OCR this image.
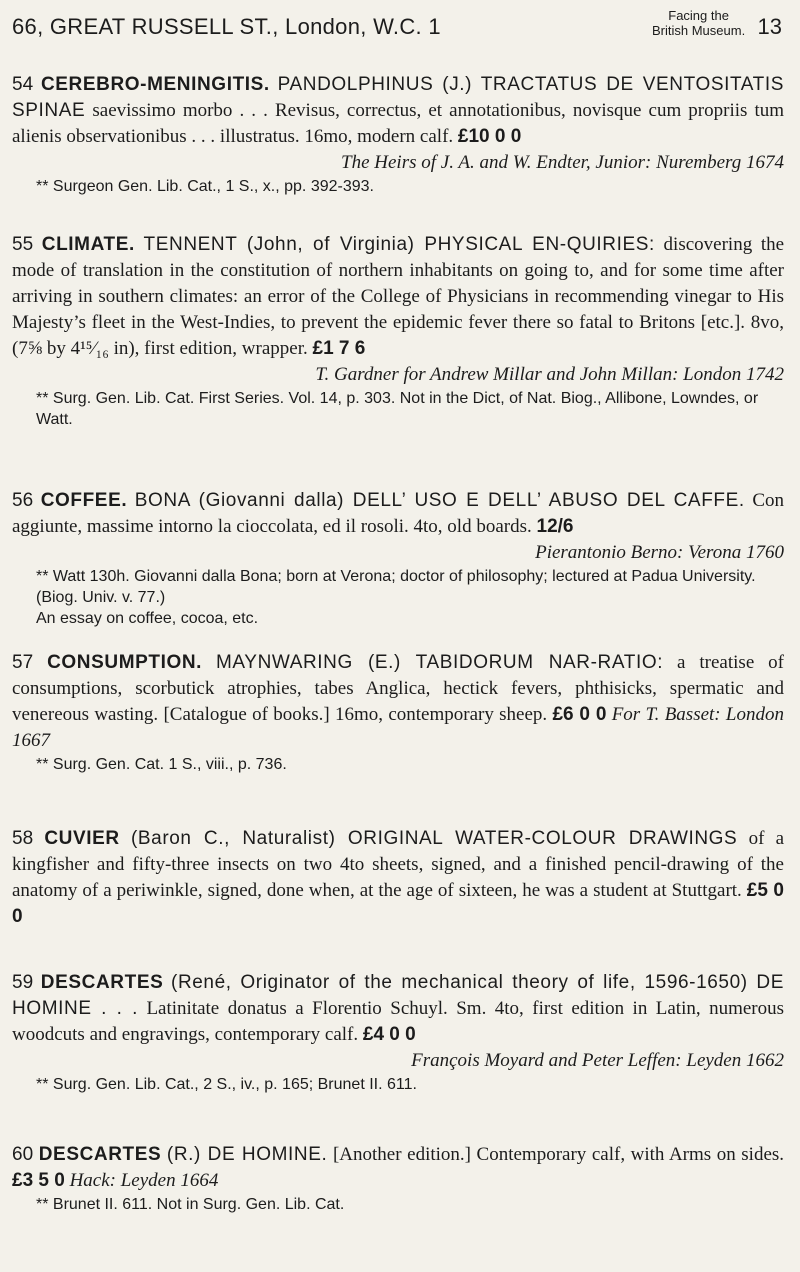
66, GREAT RUSSELL ST., London, W.C. 1	Facing the
British Museum. 13

54 CEREBRO-MENINGITIS. PANDOLPHINUS (J.) TRACTATUS DE VENTOSITATIS SPINAE saevissimo morbo . . . Revisus, correctus, et annotationibus, novisque cum propriis tum alienis observationibus . . . illustratus. 16mo, modern calf. £10 0 0

The Heirs of J. A. and W. Endter, Junior: Nuremberg 1674

*⁢* Surgeon Gen. Lib. Cat., 1 S., x., pp. 392-393.

55 CLIMATE. TENNENT (John, of Virginia) PHYSICAL EN-QUIRIES: discovering the mode of translation in the constitution of northern inhabitants on going to, and for some time after arriving in southern climates: an error of the College of Physicians in recommending vinegar to His Majesty’s fleet in the West-Indies, to prevent the epidemic fever there so fatal to Britons [etc.]. 8vo, (7⅝ by 4¹⁵⁄₁₆ in), first edition, wrapper. £1 7 6

T. Gardner for Andrew Millar and John Millan: London 1742

*⁢* Surg. Gen. Lib. Cat. First Series. Vol. 14, p. 303. Not in the Dict, of Nat. Biog., Allibone, Lowndes, or Watt.

56 COFFEE. BONA (Giovanni dalla) DELL’ USO E DELL’ ABUSO DEL CAFFE. Con aggiunte, massime intorno la cioccolata, ed il rosoli. 4to, old boards. 12/6

Pierantonio Berno: Verona 1760

*⁢* Watt 130h. Giovanni dalla Bona; born at Verona; doctor of philosophy; lectured at Padua University. (Biog. Univ. v. 77.)

An essay on coffee, cocoa, etc.

57 CONSUMPTION. MAYNWARING (E.) TABIDORUM NAR-RATIO: a treatise of consumptions, scorbutick atrophies, tabes Anglica, hectick fevers, phthisicks, spermatic and venereous wasting. [Catalogue of books.] 16mo, contemporary sheep. £6 0 0 For T. Basset: London 1667

*⁢* Surg. Gen. Cat. 1 S., viii., p. 736.

58 CUVIER (Baron C., Naturalist) ORIGINAL WATER-COLOUR DRAWINGS of a kingfisher and fifty-three insects on two 4to sheets, signed, and a finished pencil-drawing of the anatomy of a periwinkle, signed, done when, at the age of sixteen, he was a student at Stuttgart. £5 0 0

59 DESCARTES (René, Originator of the mechanical theory of life, 1596-1650) DE HOMINE . . . Latinitate donatus a Florentio Schuyl. Sm. 4to, first edition in Latin, numerous woodcuts and engravings, contemporary calf. £4 0 0

François Moyard and Peter Leffen: Leyden 1662

*⁢* Surg. Gen. Lib. Cat., 2 S., iv., p. 165; Brunet II. 611.

60 DESCARTES (R.) DE HOMINE. [Another edition.] Contemporary calf, with Arms on sides. £3 5 0 Hack: Leyden 1664

*⁢* Brunet II. 611. Not in Surg. Gen. Lib. Cat.
